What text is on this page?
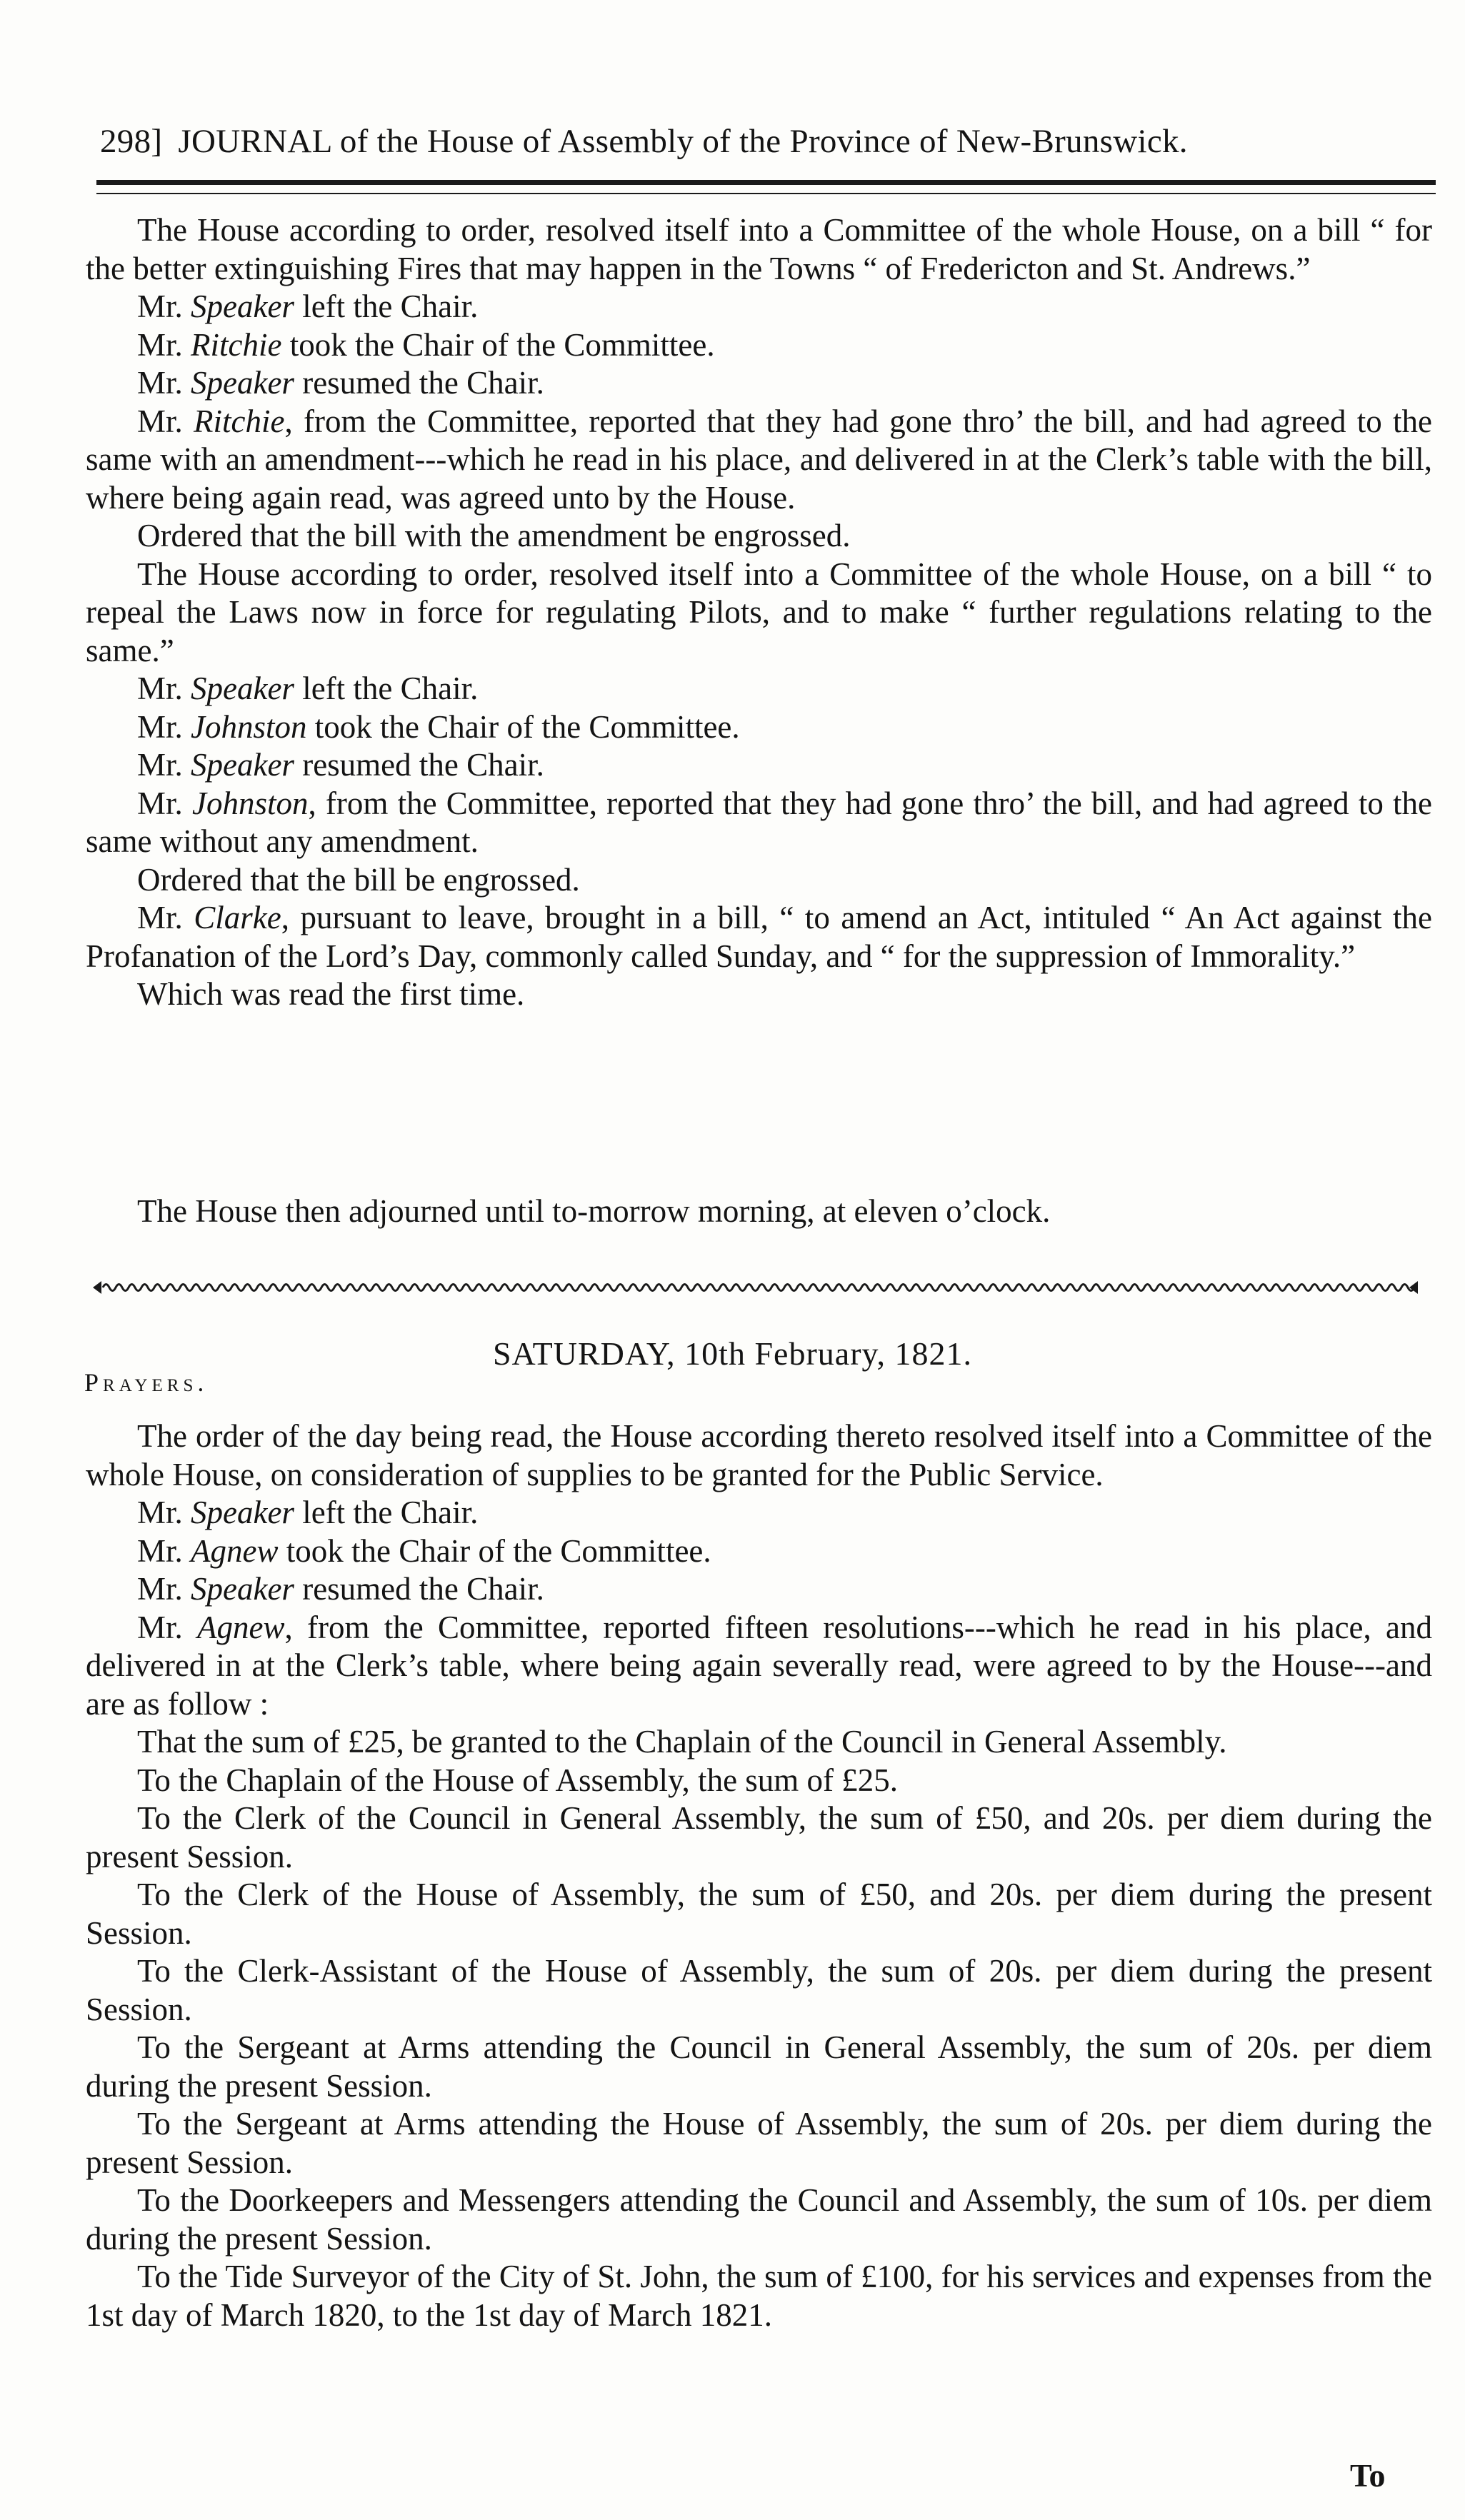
298] JOURNAL of the House of Assembly of the Province of New-Brunswick.

The House according to order, resolved itself into a Committee of the whole House, on a bill “ for the better extinguishing Fires that may happen in the Towns “ of Fredericton and St. Andrews.”

Mr. Speaker left the Chair.

Mr. Ritchie took the Chair of the Committee.

Mr. Speaker resumed the Chair.

Mr. Ritchie, from the Committee, reported that they had gone thro’ the bill, and had agreed to the same with an amendment---which he read in his place, and delivered in at the Clerk’s table with the bill, where being again read, was agreed unto by the House.

Ordered that the bill with the amendment be engrossed.

The House according to order, resolved itself into a Committee of the whole House, on a bill “ to repeal the Laws now in force for regulating Pilots, and to make “ further regulations relating to the same.”

Mr. Speaker left the Chair.

Mr. Johnston took the Chair of the Committee.

Mr. Speaker resumed the Chair.

Mr. Johnston, from the Committee, reported that they had gone thro’ the bill, and had agreed to the same without any amendment.

Ordered that the bill be engrossed.

Mr. Clarke, pursuant to leave, brought in a bill, “ to amend an Act, intituled “ An Act against the Profanation of the Lord’s Day, commonly called Sunday, and “ for the suppression of Immorality.”

Which was read the first time.

The House then adjourned until to-morrow morning, at eleven o’clock.

SATURDAY, 10th February, 1821.
Prayers.

The order of the day being read, the House according thereto resolved itself into a Committee of the whole House, on consideration of supplies to be granted for the Public Service.

Mr. Speaker left the Chair.

Mr. Agnew took the Chair of the Committee.

Mr. Speaker resumed the Chair.

Mr. Agnew, from the Committee, reported fifteen resolutions---which he read in his place, and delivered in at the Clerk’s table, where being again severally read, were agreed to by the House---and are as follow :

That the sum of £25, be granted to the Chaplain of the Council in General Assembly.

To the Chaplain of the House of Assembly, the sum of £25.

To the Clerk of the Council in General Assembly, the sum of £50, and 20s. per diem during the present Session.

To the Clerk of the House of Assembly, the sum of £50, and 20s. per diem during the present Session.

To the Clerk-Assistant of the House of Assembly, the sum of 20s. per diem during the present Session.

To the Sergeant at Arms attending the Council in General Assembly, the sum of 20s. per diem during the present Session.

To the Sergeant at Arms attending the House of Assembly, the sum of 20s. per diem during the present Session.

To the Doorkeepers and Messengers attending the Council and Assembly, the sum of 10s. per diem during the present Session.

To the Tide Surveyor of the City of St. John, the sum of £100, for his services and expenses from the 1st day of March 1820, to the 1st day of March 1821.

To
